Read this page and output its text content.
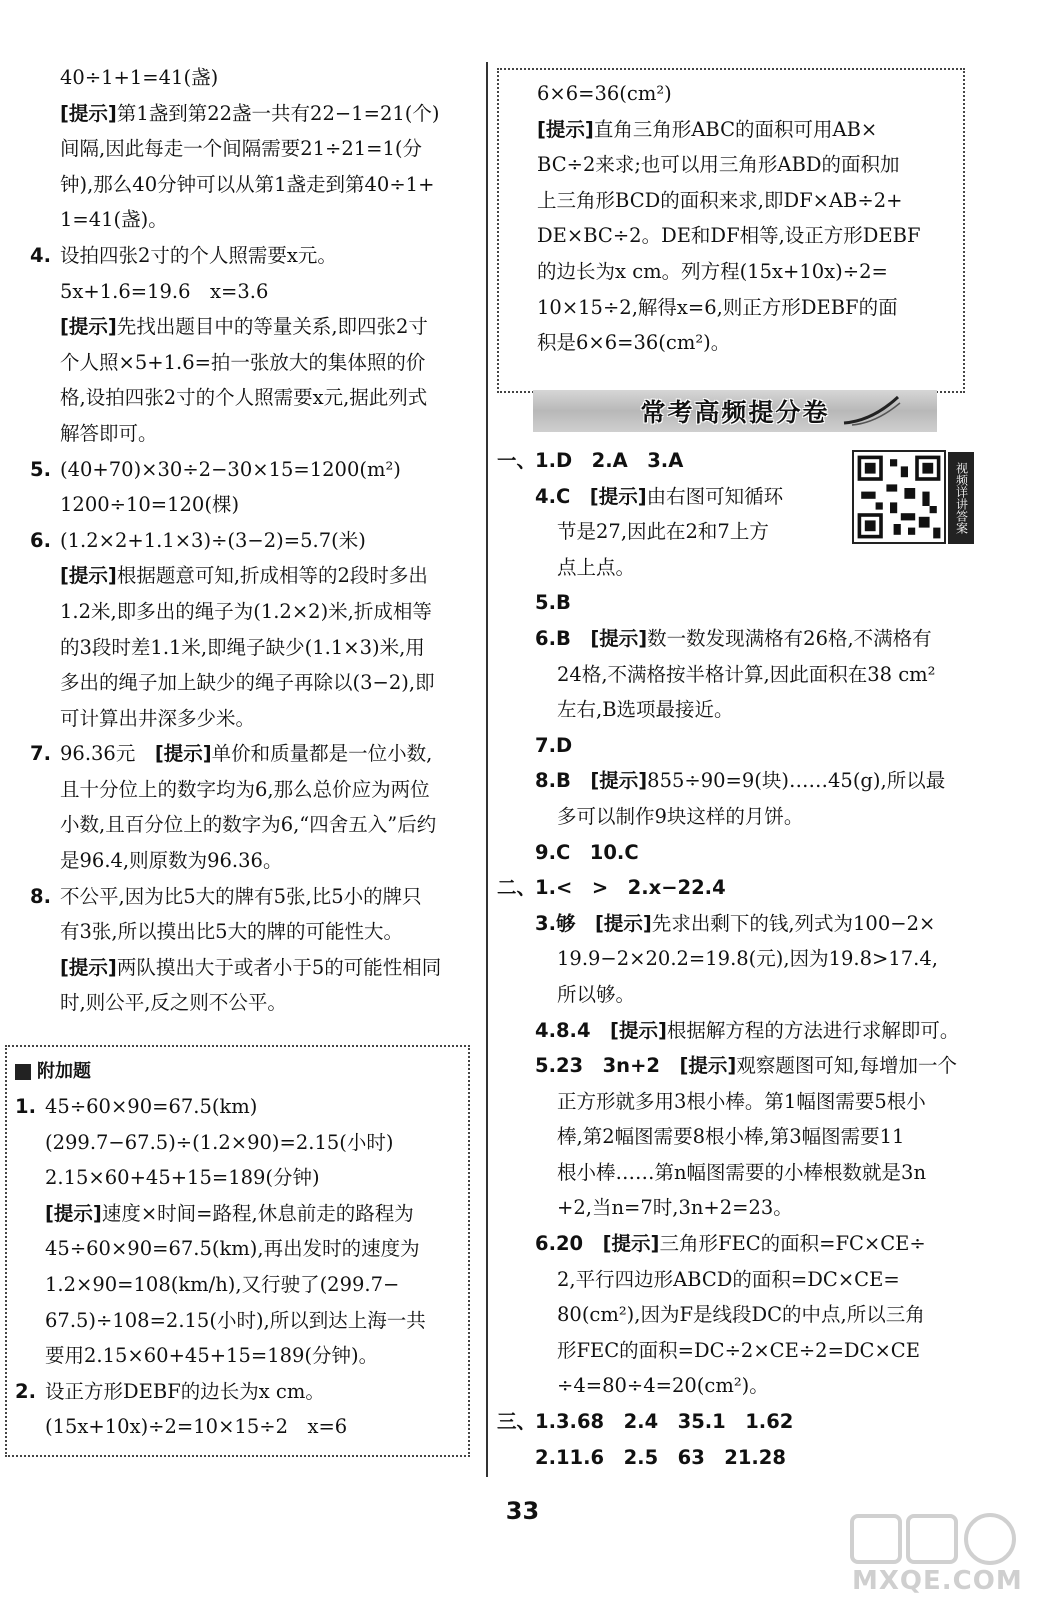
40÷1+1=41(盏)
[提示]第1盏到第22盏一共有22−1=21(个)
间隔,因此每走一个间隔需要21÷21=1(分
钟),那么40分钟可以从第1盏走到第40÷1+
1=41(盏)。
4. 设拍四张2寸的个人照需要x元。
5x+1.6=19.6　x=3.6
[提示]先找出题目中的等量关系,即四张2寸
个人照×5+1.6=拍一张放大的集体照的价
格,设拍四张2寸的个人照需要x元,据此列式
解答即可。
5. (40+70)×30÷2−30×15=1200(m²)
1200÷10=120(棵)
6. (1.2×2+1.1×3)÷(3−2)=5.7(米)
[提示]根据题意可知,折成相等的2段时多出
1.2米,即多出的绳子为(1.2×2)米,折成相等
的3段时差1.1米,即绳子缺少(1.1×3)米,用
多出的绳子加上缺少的绳子再除以(3−2),即
可计算出井深多少米。
7. 96.36元　[提示]单价和质量都是一位小数,
且十分位上的数字均为6,那么总价应为两位
小数,且百分位上的数字为6,“四舍五入”后约
是96.4,则原数为96.36。
8. 不公平,因为比5大的牌有5张,比5小的牌只
有3张,所以摸出比5大的牌的可能性大。
[提示]两队摸出大于或者小于5的可能性相同
时,则公平,反之则不公平。
附加题
1. 45÷60×90=67.5(km)
(299.7−67.5)÷(1.2×90)=2.15(小时)
2.15×60+45+15=189(分钟)
[提示]速度×时间=路程,休息前走的路程为
45÷60×90=67.5(km),再出发时的速度为
1.2×90=108(km/h),又行驶了(299.7−
67.5)÷108=2.15(小时),所以到达上海一共
要用2.15×60+45+15=189(分钟)。
2. 设正方形DEBF的边长为x cm。
(15x+10x)÷2=10×15÷2　x=6
6×6=36(cm²)
[提示]直角三角形ABC的面积可用AB×
BC÷2来求;也可以用三角形ABD的面积加
上三角形BCD的面积来求,即DF×AB÷2+
DE×BC÷2。DE和DF相等,设正方形DEBF
的边长为x cm。列方程(15x+10x)÷2=
10×15÷2,解得x=6,则正方形DEBF的面
积是6×6=36(cm²)。
常考高频提分卷
视频详讲答案
一、1.D　2.A　3.A
4.C　[提示]由右图可知循环
节是27,因此在2和7上方
点上点。
5.B
6.B　[提示]数一数发现满格有26格,不满格有
24格,不满格按半格计算,因此面积在38 cm²
左右,B选项最接近。
7.D
8.B　[提示]855÷90=9(块)……45(g),所以最
多可以制作9块这样的月饼。
9.C　10.C
二、1.<　>　2.x−22.4
3.够　[提示]先求出剩下的钱,列式为100−2×
19.9−2×20.2=19.8(元),因为19.8>17.4,
所以够。
4.8.4　[提示]根据解方程的方法进行求解即可。
5.23　3n+2　[提示]观察题图可知,每增加一个
正方形就多用3根小棒。第1幅图需要5根小
棒,第2幅图需要8根小棒,第3幅图需要11
根小棒……第n幅图需要的小棒根数就是3n
+2,当n=7时,3n+2=23。
6.20　[提示]三角形FEC的面积=FC×CE÷
2,平行四边形ABCD的面积=DC×CE=
80(cm²),因为F是线段DC的中点,所以三角
形FEC的面积=DC÷2×CE÷2=DC×CE
÷4=80÷4=20(cm²)。
三、1.3.68　2.4　35.1　1.62
2.11.6　2.5　63　21.28
33
MXQE.COM
